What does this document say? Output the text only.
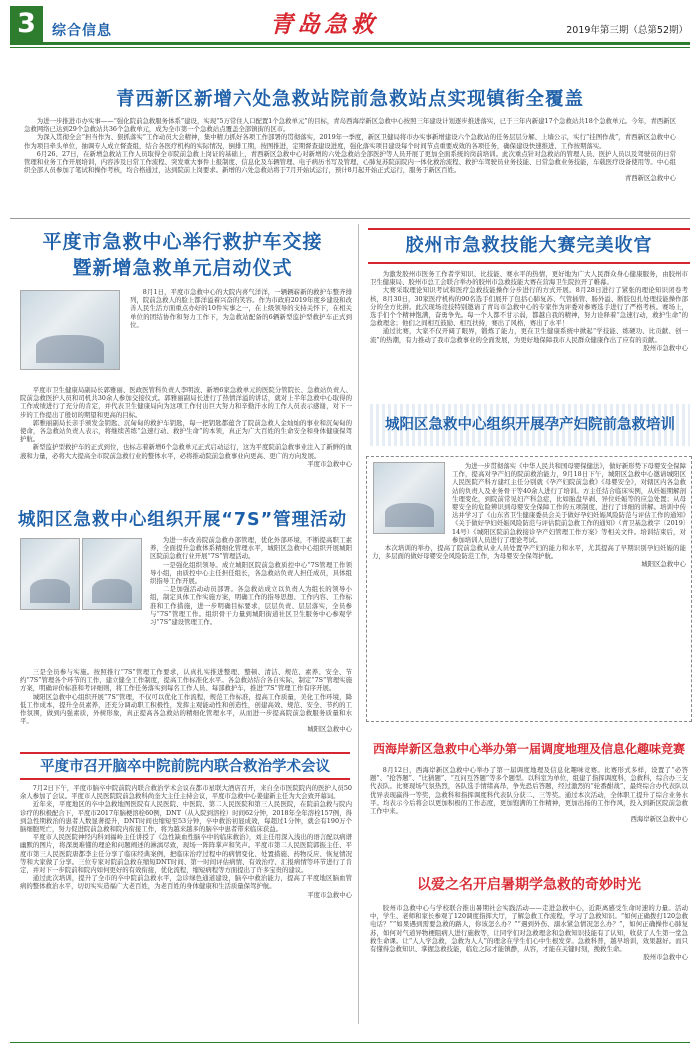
3	综合信息	青岛急救	2019年第三期（总第52期）
青西新区新增六处急救站院前急救站点实现镇街全覆盖

为进一步推进市办实事——“强化院前急救服务体系”建设，实现“5万常住人口配置1个急救单元”的目标，青岛西海岸新区急救中心按照三年建设计划逐步推进落实，已于三年内新建17个急救站共18个急救单元。今年，青西新区急救网络已达到29个急救站共36个急救单元，成为全市第一个急救站点覆盖全部镇街的区市。

为深入贯彻全会“担当作为、狠抓落实”工作动员大会精神，集中精力抓好各项工作部署的贯彻落实，2019年一季度，新区卫健局将市办实事新增建设六个急救站的任务层层分解、上墙公示，实行“挂图作战”，青西新区急救中心作为项目牵头单位，抽调专人成立督查组，结合各医疗机构的实际情况，倒排工期，按图推进，定期督查建设进度，强化落实项目建设每个时间节点重要成效的各项任务，确保建设快速推进、工作按期落实。

6月26、27日，在新增急救站工作人员取得全市院前急救上岗证的基础上，青西新区急救中心对新增的六处急救站全部医护等人员开展了更加全面系统的岗前培训。此次重点针对急救站的管理人员、医护人员以及驾驶员的日常管理和业务工作开展培训，内容涉及日常工作流程、突发重大事件上报制度、信息化及车辆管理、电子病历书写及管理、心肺复苏院前院内一体化救治流程、救护车驾驶员业务技能、日常急救业务技能，车载医疗设备使用等。中心组织全部人员参加了笔试和操作考核，均合格通过，达到院前上岗要求。新增的六处急救站将于7月开始试运行，预计8月起开始正式运行，服务于新区百姓。

青西新区急救中心
平度市急救中心举行救护车交接
暨新增急救单元启动仪式

8月1日，平度市急救中心的大院内喜气洋洋，一辆辆崭新的救护车整齐排列，院前急救人的脸上都洋溢着兴奋的笑容。作为市政府2019年度乡建设和改善人民生活方面重点办好的10件实事之一，在上级领导的支持关怀下，在相关单位的团结协作和努力工作下，为急救站配备的6辆新型监护型救护车正式到位。

平度市卫生健康局副局长郭雅丽、医政医管科负责人李明波、新增6家急救单元的医院分管院长、急救站负责人、院前急救医护人员和司机共30余人参加交接仪式。郭雅丽副局长进行了热情洋溢的讲话，就对上半年急救中心取得的工作成绩进行了充分的肯定，并代表卫生健康局向为这项工作付出巨大努力和辛勤汗水的工作人员表示感谢，对下一步的工作提出了殷切的期望和更高的目标。

郭雅丽副局长亲手颁发金钥匙、沉甸甸的救护车钥匙，每一把钥匙都蕴含了院前急救人金灿灿的事业和沉甸甸的使命，各急救站负责人表示，将继续苦练“急速行动、救护生命”的本领，真正为广大百姓的生命安全和身体健康保驾护航。

新型监护型救护车的正式到位，也标志着新增6个急救单元正式启动运行，这为平度院前急救事业注入了新鲜的血液和力量，必将大大提高全市院前急救行业的整体水平，必将推动院前急救事业向更高、更广的方向发展。

平度市急救中心
胶州市急救技能大赛完美收官

为激发胶州市医务工作者学知识、比技能、赛水平的热情，更好地为广大人民群众身心健康服务，由胶州市卫生健康局、胶州市总工会联合举办的胶州市急救技能大赛在营海卫生院拉开了帷幕。

大赛采取理论知识考试和医疗急救技能操作分步进行的方式开展。8月28日进行了紧张的理论知识闭卷考核，8月30日，30家医疗机构的90名选手们展开了包括心肺复苏、气管插管、肠外溢、断肢包扎处理技能操作部分的全方比拼。此次现场竞技特别邀请了青岛市急救中心的专家作为评委对参赛选手进行了严格考核。赛场上，选手们个个精神饱满，奋勇争先。每一个人都不甘示弱，都越自我的精神，努力诠释着“急速行动，救护生命”的急救理念；他们之间相互鼓励、相互扶持，赛出了风格，赛出了水平！

通过比赛，大家不仅开阔了眼界，锻炼了能力，更在卫生健康系统中掀起“学技能、练硬功、比贡献、创一流”的热潮，有力推动了我市急救事业的全面发展，为更好地保障我市人民群众健康作出了应有的贡献。

胶州市急救中心
城阳区急救中心组织开展“7S”管理活动

为进一步改善院前急救办部管理，优化外部环境，不断提高职工素养，全面提升急救体系精细化管理水平，城阳区急救中心组织开展城阳区院前急救行业开展“7S”管理活动。

一是强化组织领导。成立城阳区院前急救质控中心“7S管理工作领导小组，由质控中心主任担任组长，各急救站负责人担任成员，具体组织指导工作开展。

二是加强活动动员部署。各急救站成立以负责人为组长的领导小组，制定具体工作实施方案，明确工作的指导思想、工作内容、工作标准和工作措施，进一步明确目标要求，层层负责、层层落实，全员参与“7S”管理工作。组织骨干力量到城阳街道社区卫生服务中心参观学习“7S”建设管理工作。

三是全员参与实施。按照推行“7S”管理工作要求，认真扎实推进整理、整顿、清洁、规范、素养、安全、节约“7S”管理各个环节的工作，建立健全工作制度，提高工作标准化水平。各急救站结合各自实际，制定“7S”管理实施方案，明确评价标准和考评细则，将工作任务落实到每名工作人员、每部救护车，推进“7S”管理工作有序开展。

城阳区急救中心组织开展“7S”管理，不仅可以优化工作流程，规范工作标准，提高工作质量，美化工作环境，降低工作成本，提升全员素养，还充分调动职工积极性，发挥主观能动性和创造性，创建高效、规范、安全、节约的工作氛围，做到内强素质，外树形象，真正提高各急救站的精细化管理水平，从而进一步提高院前急救服务质量和水平。

城阳区急救中心
城阳区急救中心组织开展孕产妇院前急救培训

为进一步贯彻落实《中华人民共和国母婴保健法》，做好新形势下母婴安全保障工作，提高对孕产妇的院前救治能力，9月18日下午，城阳区急救中心邀请城阳区人民医院产科方建红主任分别就《孕产妇院前急救》《母婴安全》，对辖区内各急救站的负责人及业务骨干等40余人进行了培训。方主任结合临床实例，从妊娠期解剖生理变化，到院前常见妇产科急症，比如胎盘早剥、异位妊娠等的应急处置；从母婴安全的危险辨识到母婴安全保障工作的五项制度，进行了详细的讲解。培训中传达并学习了《山东省卫生健康委员会关于做好孕妇妊娠风险防范与评估工作的通知》《关于做好孕妇妊娠风险防范与评估院前急救工作的通知》（青卫基急救字〔2019〕14号）《城阳区院前急救接诊孕产妇管理工作方案》等相关文件。培训结束后，对参加培训人员进行了理论考试。

本次培训的举办，提高了院前急救从业人员处置孕产妇的能力和水平，尤其提高了早期识别孕妇妊娠的能力，多层面的做好母婴安全风险防范工作，为母婴安全保驾护航。

城阳区急救中心
平度市召开脑卒中院前院内联合救治学术会议

7月2日下午，平度市脑卒中院前院内联合救治学术会议在都市星联大酒店召开，来自全市医院院内的医护人员50余人参加了会议。平度市人民医院院前急救科尚奎大主任主持会议，平度市急救中心姜建新主任为大会致开幕词。

近年来，平度地区的卒中急救地图医院有人民医院、中医院、第二人民医院和第三人民医院，在院前急救与院内诊疗的积极配合下，平度市2017年脑梗溶栓60例，DNT（从入院到溶栓）时间62分钟，2018年全年溶栓157例，得到急性期救治的患者人数显著提升，DNT时间也缩短至53分钟，卒中救治初显成效，每超过1分钟，就会有190万个脑细胞死亡，努力促进院前急救和院内衔接工作，将为越来越多的脑卒中患者带来临床获益。

平度市人民医院神经内科刘福岭主任讲授了《急性缺血性脑卒中的临床救治》，刘主任用深入浅出的语言配以病谱幽默的图片，将深奥难懂的理论和问题阐述的淋漓尽致，现场一阵阵掌声和笑声。平度市第二人民医院郭振主任、平度市第三人民医院唐都李主任分享了临床经典案例，把临床治疗过程中的病情变化、处置措施、药物反应、恢复情况等和大家做了分享。三位专家对院前急救在缩短DNT时间、第一时间评估病情、有效治疗、汇报病情等环节进行了肯定，并对下一步院前和院内如何更好的有效衔接，优化流程，缩短病程等方面提出了许多宝贵的建议。

通过此次培训，提升了全市的卒中院前急救水平，急诊绿色通道建设，脑卒中救治能力，提高了平度地区脑血管病的整体救治水平，切切实实造福广大老百姓，为老百姓的身体健康和生活质量保驾护航。

平度市急救中心
西海岸新区急救中心举办第一届调度地理及信息化趣味竞赛

8月12日，西海岸新区急救中心举办了第一届调度地理及信息化趣味竞赛。比赛形式多样，设置了“必答题”、“抢答题”、“比猜题”、“互问互答题”等多个题型。以科室为单位，组建了指挥调度科，急救科，综合办三支代表队。比赛现场气氛热烈，各队选手情绪高昂，争先恐后答题，经过激烈的“轮番酣战”，最终综合办代表队以优异表现赢得一等奖，急救科和指挥调度科代表队分获二、三等奖。通过本次活动，全体职工提升了综合业务水平。均表示今后将会以更加积极的工作态度，更加饱满的工作精神，更加出扬的工作作风，投入到新区院前急救工作中来。

西海岸新区急救中心
以爱之名开启暑期学急救的奇妙时光

胶州市急救中心与学校联合推出暑期社会实践活动——走进急救中心，近距离感受生命时速的力量。活动中，学生、老师和家长参观了120调度指挥大厅，了解急救工作流程，学习了急救知识。“如何正确拨打120急救电话？”“如果遇到需要急救的路人，你该怎么办？”“遇到外伤、溺水紧急情况怎么办？”，如何正确操作心肺复苏，如何对气道异物梗阻病人进行施救等，让同学们对急救理念和急救知识技能有了认知，收获了人生第一堂急救生命课。让“人人学急救，急救为人人”的理念在学生们心中生根发芽。急救科普，越早培训，效果越好。而只有懂得急救知识、掌握急救技能，临危之际才能镇静，从容，才能在关键时刻，挽救生命。

胶州市急救中心
